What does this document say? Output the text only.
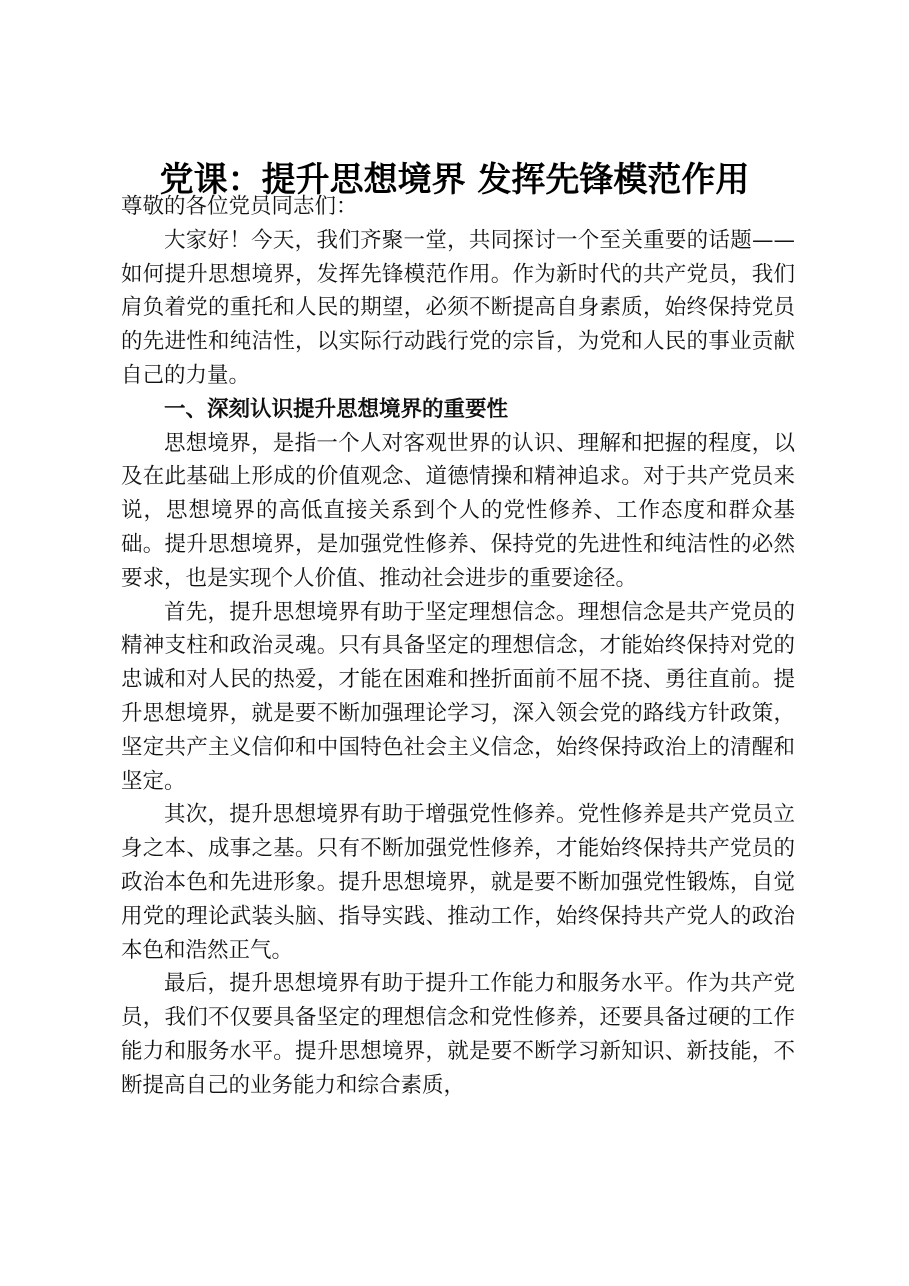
党课：提升思想境界 发挥先锋模范作用

尊敬的各位党员同志们：

大家好！今天，我们齐聚一堂，共同探讨一个至关重要的话题——如何提升思想境界，发挥先锋模范作用。作为新时代的共产党员，我们肩负着党的重托和人民的期望，必须不断提高自身素质，始终保持党员的先进性和纯洁性，以实际行动践行党的宗旨，为党和人民的事业贡献自己的力量。

一、深刻认识提升思想境界的重要性

思想境界，是指一个人对客观世界的认识、理解和把握的程度，以及在此基础上形成的价值观念、道德情操和精神追求。对于共产党员来说，思想境界的高低直接关系到个人的党性修养、工作态度和群众基础。提升思想境界，是加强党性修养、保持党的先进性和纯洁性的必然要求，也是实现个人价值、推动社会进步的重要途径。

首先，提升思想境界有助于坚定理想信念。理想信念是共产党员的精神支柱和政治灵魂。只有具备坚定的理想信念，才能始终保持对党的忠诚和对人民的热爱，才能在困难和挫折面前不屈不挠、勇往直前。提升思想境界，就是要不断加强理论学习，深入领会党的路线方针政策，坚定共产主义信仰和中国特色社会主义信念，始终保持政治上的清醒和坚定。

其次，提升思想境界有助于增强党性修养。党性修养是共产党员立身之本、成事之基。只有不断加强党性修养，才能始终保持共产党员的政治本色和先进形象。提升思想境界，就是要不断加强党性锻炼，自觉用党的理论武装头脑、指导实践、推动工作，始终保持共产党人的政治本色和浩然正气。

最后，提升思想境界有助于提升工作能力和服务水平。作为共产党员，我们不仅要具备坚定的理想信念和党性修养，还要具备过硬的工作能力和服务水平。提升思想境界，就是要不断学习新知识、新技能，不断提高自己的业务能力和综合素质，
